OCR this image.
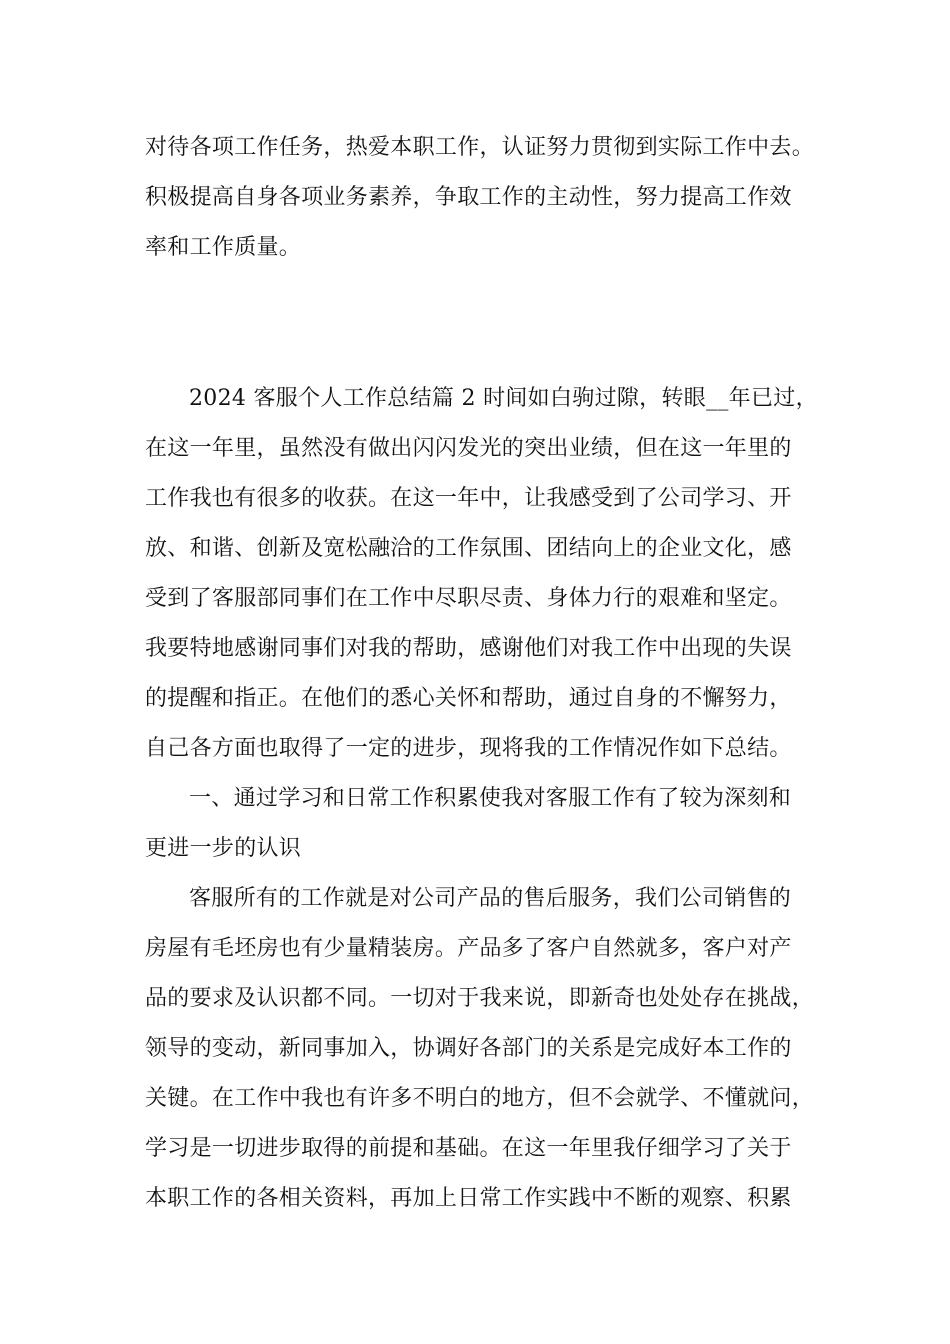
对待各项工作任务，热爱本职工作，认证努力贯彻到实际工作中去。
积极提高自身各项业务素养，争取工作的主动性，努力提高工作效
率和工作质量。
2024 客服个人工作总结篇 2 时间如白驹过隙，转眼__年已过，
在这一年里，虽然没有做出闪闪发光的突出业绩，但在这一年里的
工作我也有很多的收获。在这一年中，让我感受到了公司学习、开
放、和谐、创新及宽松融洽的工作氛围、团结向上的企业文化，感
受到了客服部同事们在工作中尽职尽责、身体力行的艰难和坚定。
我要特地感谢同事们对我的帮助，感谢他们对我工作中出现的失误
的提醒和指正。在他们的悉心关怀和帮助，通过自身的不懈努力，
自己各方面也取得了一定的进步，现将我的工作情况作如下总结。
一、通过学习和日常工作积累使我对客服工作有了较为深刻和
更进一步的认识
客服所有的工作就是对公司产品的售后服务，我们公司销售的
房屋有毛坯房也有少量精装房。产品多了客户自然就多，客户对产
品的要求及认识都不同。一切对于我来说，即新奇也处处存在挑战，
领导的变动，新同事加入，协调好各部门的关系是完成好本工作的
关键。在工作中我也有许多不明白的地方，但不会就学、不懂就问，
学习是一切进步取得的前提和基础。在这一年里我仔细学习了关于
本职工作的各相关资料，再加上日常工作实践中不断的观察、积累
